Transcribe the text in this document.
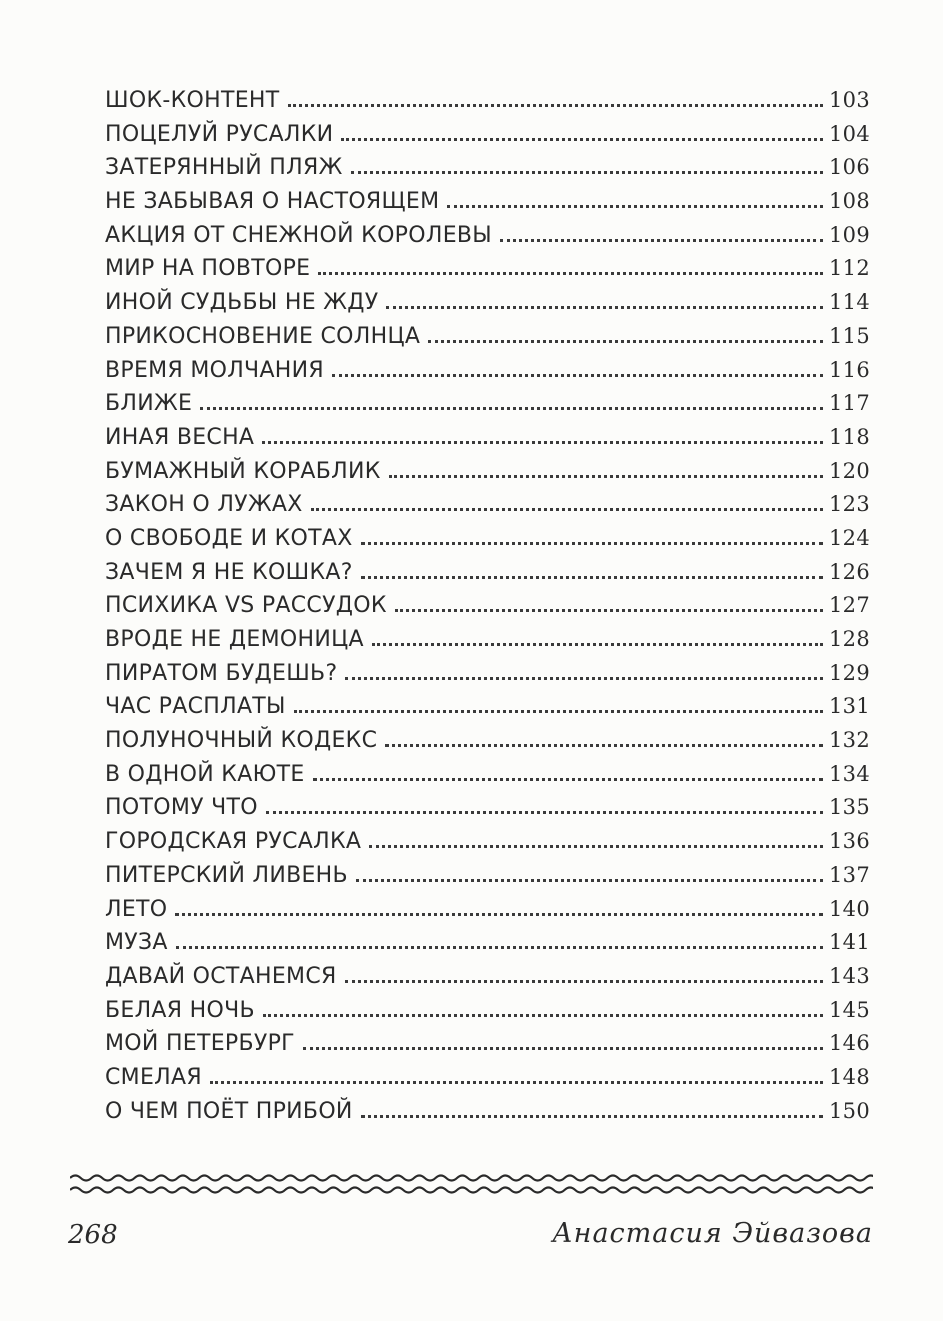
ШОК-КОНТЕНТ	103
ПОЦЕЛУЙ РУСАЛКИ	104
ЗАТЕРЯННЫЙ ПЛЯЖ	106
НЕ ЗАБЫВАЯ О НАСТОЯЩЕМ	108
АКЦИЯ ОТ СНЕЖНОЙ КОРОЛЕВЫ	109
МИР НА ПОВТОРЕ	112
ИНОЙ СУДЬБЫ НЕ ЖДУ	114
ПРИКОСНОВЕНИЕ СОЛНЦА	115
ВРЕМЯ МОЛЧАНИЯ	116
БЛИЖЕ	117
ИНАЯ ВЕСНА	118
БУМАЖНЫЙ КОРАБЛИК	120
ЗАКОН О ЛУЖАХ	123
О СВОБОДЕ И КОТАХ	124
ЗАЧЕМ Я НЕ КОШКА?	126
ПСИХИКА VS РАССУДОК	127
ВРОДЕ НЕ ДЕМОНИЦА	128
ПИРАТОМ БУДЕШЬ?	129
ЧАС РАСПЛАТЫ	131
ПОЛУНОЧНЫЙ КОДЕКС	132
В ОДНОЙ КАЮТЕ	134
ПОТОМУ ЧТО	135
ГОРОДСКАЯ РУСАЛКА	136
ПИТЕРСКИЙ ЛИВЕНЬ	137
ЛЕТО	140
МУЗА	141
ДАВАЙ ОСТАНЕМСЯ	143
БЕЛАЯ НОЧЬ	145
МОЙ ПЕТЕРБУРГ	146
СМЕЛАЯ	148
О ЧЕМ ПОЁТ ПРИБОЙ	150
268	Анастасия Эйвазова
